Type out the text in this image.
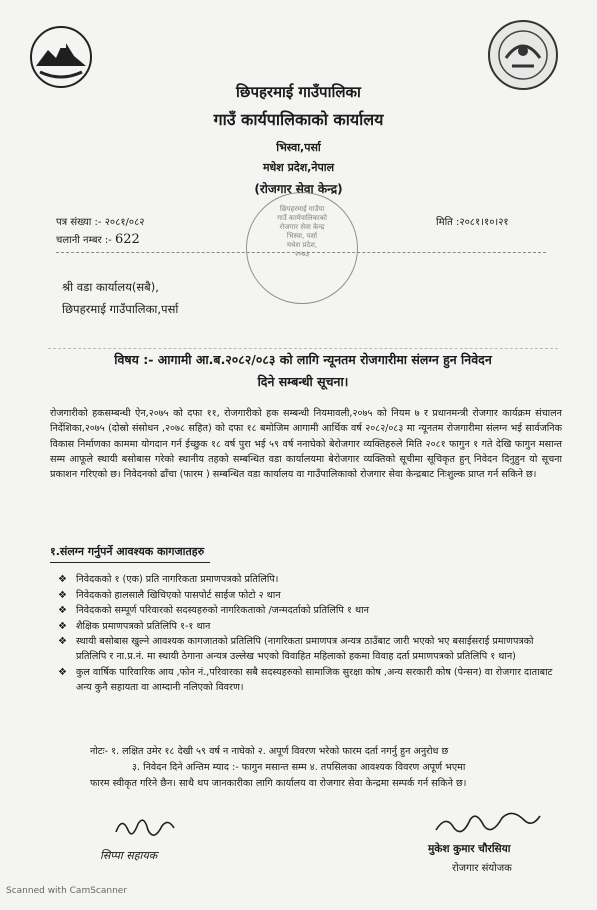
छिपहरमाई गाउँपालिका
गाउँ कार्यपालिकाको कार्यालय
भिस्वा,पर्सा
मधेश प्रदेश,नेपाल
(रोजगार सेवा केन्द्र)
छिपहरमाई गाउँपा
गाउँ कार्यपालिकाको
रोजगार सेवा केन्द्र
भिस्वा, पर्सा
मधेश प्रदेश,
२०७३
पत्र संख्या :- २०८१/०८२
चलानी नम्बर :- 622
मिति :२०८१।१०।२१
श्री वडा कार्यालय(सबै),
छिपहरमाई गाउँपालिका,पर्सा
विषय :- आगामी आ.ब.२०८२/०८३ को लागि न्यूनतम रोजगारीमा संलग्न हुन निवेदन
दिने सम्बन्धी सूचना।
रोजगारीको हकसम्बन्धी ऐन,२०७५ को दफा ११, रोजगारीको हक सम्बन्धी नियमावली,२०७५ को नियम ७ र प्रधानमन्त्री रोजगार कार्यक्रम संचालन निर्देशिका,२०७५ (दोस्रो संसोधन ,२०७८ सहित) को दफा १८ बमोजिम आगामी आर्थिक वर्ष २०८२/०८३ मा न्यूनतम रोजगारीमा संलग्न भई सार्वजनिक विकास निर्माणका काममा योगदान गर्न ईच्छुक १८ वर्ष पुरा भई ५९ वर्ष ननाघेको बेरोजगार व्यक्तिहरुले मिति २०८१ फागुन १ गते देखि फागुन मसान्त सम्म आफूले स्थायी बसोबास गरेको स्थानीय तहको सम्बन्धित वडा कार्यालयमा बेरोजगार व्यक्तिको सूचीमा सूचिकृत हुन् निवेदन दिनुहुन यो सूचना प्रकाशन गरिएको छ। निवेदनको ढाँचा (फारम ) सम्बन्धित वडा कार्यालय वा गाउँपालिकाको रोजगार सेवा केन्द्रबाट निःशुल्क प्राप्त गर्न सकिने छ।
१.संलग्न गर्नुपर्ने आवश्यक कागजातहरु
❖ निवेदकको १ (एक) प्रति नागरिकता प्रमाणपत्रको प्रतिलिपि।
❖ निवेदकको हालसालै खिचिएको पासपोर्ट साईज फोटो २ थान
❖ निवेदकको सम्पूर्ण परिवारको सदस्यहरुको नागरिकताको /जन्मदर्ताको प्रतिलिपि १ थान
❖ शैक्षिक प्रमाणपत्रको प्रतिलिपि १-१ थान
❖ स्थायी बसोबास खुल्ने आवश्यक कागजातको प्रतिलिपि (नागरिकता प्रमाणपत्र अन्यत्र ठाउँबाट जारी भएको भए बसाईसराई प्रमाणपत्रको प्रतिलिपि र ना.प्र.नं. मा स्थायी ठेगाना अन्यत्र उल्लेख भएको विवाहित महिलाको हकमा विवाह दर्ता प्रमाणपत्रको प्रतिलिपि १ थान)
❖ कुल वार्षिक पारिवारिक आय ,फोन नं.,परिवारका सबै सदस्यहरुको सामाजिक सुरक्षा कोष ,अन्य सरकारी कोष (पेन्सन) वा रोजगार दाताबाट अन्य कुनै सहायता वा आम्दानी नलिएको विवरण।
नोटः- १. लक्षित उमेर १८ देखी ५९ वर्ष न नाघेको २. अपूर्ण विवरण भरेको फारम दर्ता नगर्नु हुन अनुरोध छ
३. निवेदन दिने अन्तिम म्याद :- फागुन मसान्त सम्म ४. तपसिलका आवश्यक विवरण अपूर्ण भएमा
फारम स्वीकृत गरिने छैन। साथै थप जानकारीका लागि कार्यालय वा रोजगार सेवा केन्द्रमा सम्पर्क गर्न सकिने छ।
सिप्पा सहायक	मुकेश कुमार चौरसिया
रोजगार संयोजक
Scanned with CamScanner
